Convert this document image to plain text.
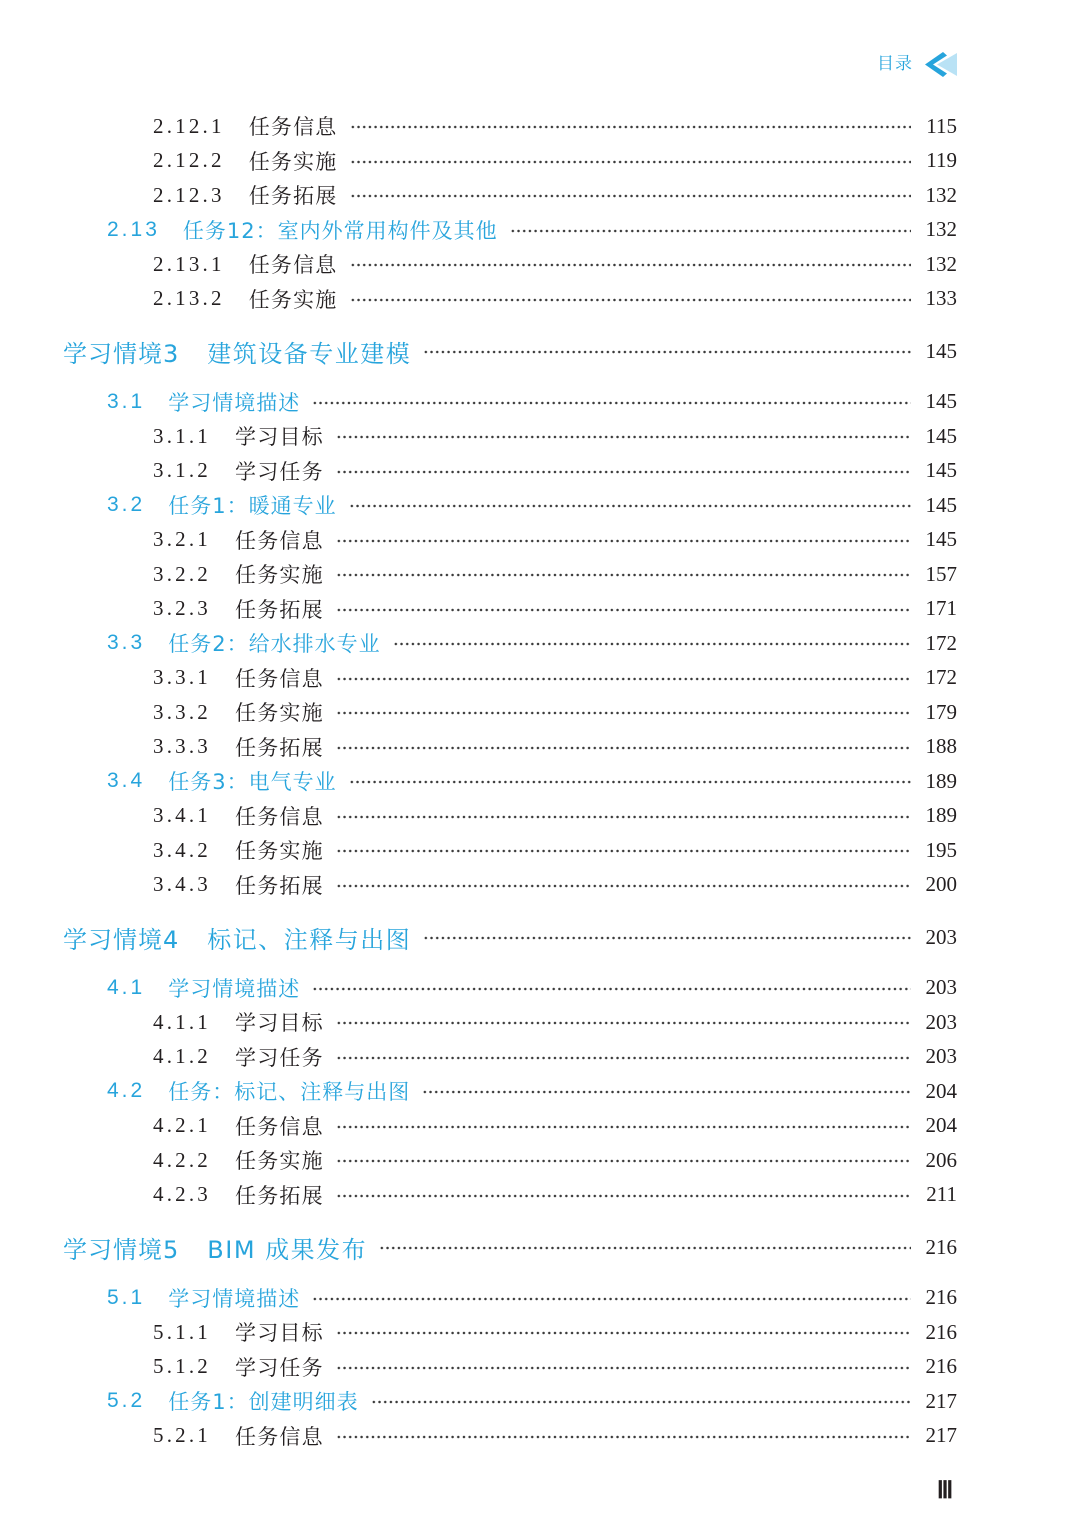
目录
2.12.1 任务信息	115
2.12.2 任务实施	119
2.12.3 任务拓展	132
2.13 任务12：室内外常用构件及其他	132
2.13.1 任务信息	132
2.13.2 任务实施	133
学习情境3 建筑设备专业建模	145
3.1 学习情境描述	145
3.1.1 学习目标	145
3.1.2 学习任务	145
3.2 任务1：暖通专业	145
3.2.1 任务信息	145
3.2.2 任务实施	157
3.2.3 任务拓展	171
3.3 任务2：给水排水专业	172
3.3.1 任务信息	172
3.3.2 任务实施	179
3.3.3 任务拓展	188
3.4 任务3：电气专业	189
3.4.1 任务信息	189
3.4.2 任务实施	195
3.4.3 任务拓展	200
学习情境4 标记、注释与出图	203
4.1 学习情境描述	203
4.1.1 学习目标	203
4.1.2 学习任务	203
4.2 任务：标记、注释与出图	204
4.2.1 任务信息	204
4.2.2 任务实施	206
4.2.3 任务拓展	211
学习情境5 BIM 成果发布	216
5.1 学习情境描述	216
5.1.1 学习目标	216
5.1.2 学习任务	216
5.2 任务1：创建明细表	217
5.2.1 任务信息	217
Ⅲ
